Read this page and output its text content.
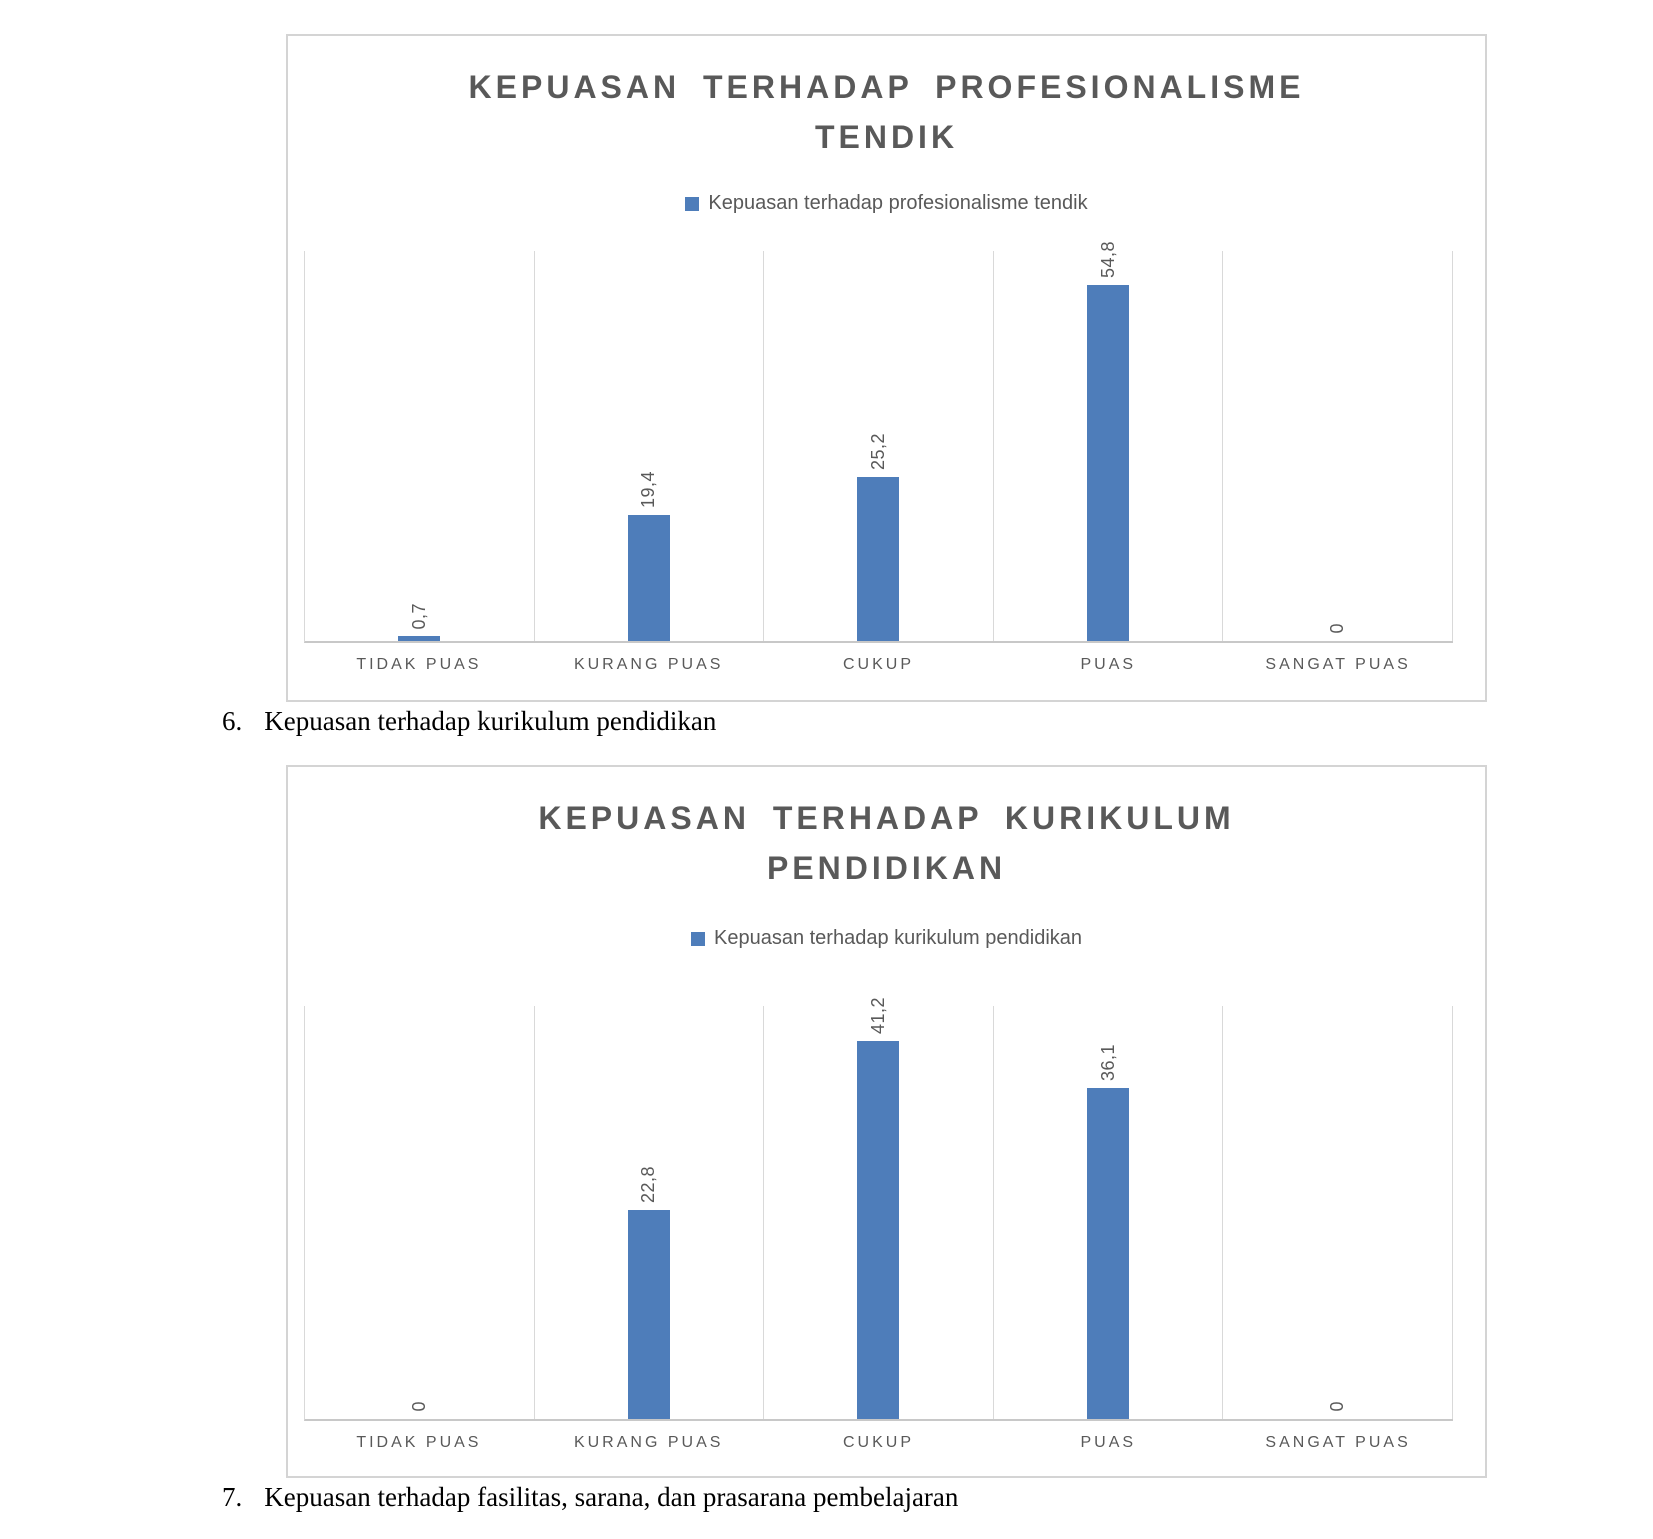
KEPUASAN TERHADAP PROFESIONALISME
TENDIK
Kepuasan terhadap profesionalisme tendik
0,7
19,4
25,2
54,8
0
TIDAK PUAS	KURANG PUAS	CUKUP	PUAS	SANGAT PUAS
6. Kepuasan terhadap kurikulum pendidikan
KEPUASAN TERHADAP KURIKULUM
PENDIDIKAN
Kepuasan terhadap kurikulum pendidikan
0
22,8
41,2
36,1
0
TIDAK PUAS	KURANG PUAS	CUKUP	PUAS	SANGAT PUAS
7. Kepuasan terhadap fasilitas, sarana, dan prasarana pembelajaran
